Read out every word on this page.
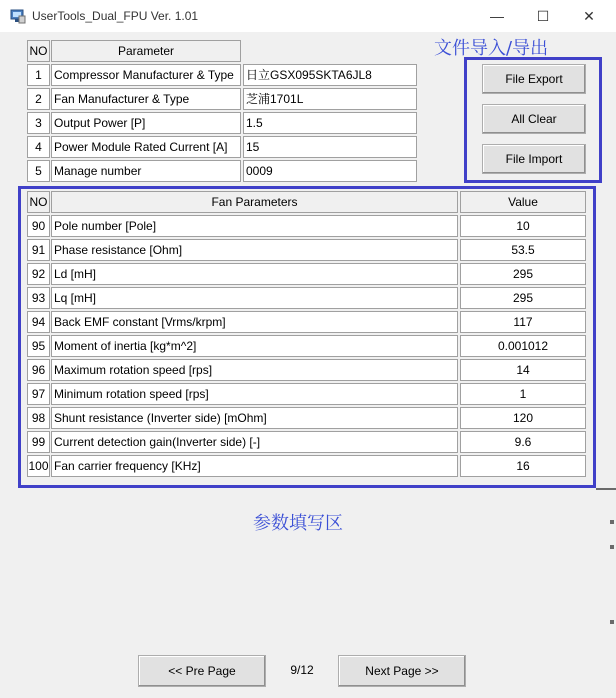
UserTools_Dual_FPU Ver. 1.01	— ☐ ✕
NO	Parameter
1	Compressor Manufacturer & Type	日立GSX095SKTA6JL8
2	Fan Manufacturer & Type	芝浦1701L
3	Output Power [P]	1.5
4	Power Module Rated Current [A]	15
5	Manage number	0009
文件导入/导出
File Export
All Clear
File Import
NO	Fan Parameters	Value
90 Pole number [Pole]	10
91 Phase resistance [Ohm]	53.5
92 Ld [mH]	295
93 Lq [mH]	295
94 Back EMF constant [Vrms/krpm]	117
95 Moment of inertia [kg*m^2]	0.001012
96 Maximum rotation speed [rps]	14
97 Minimum rotation speed [rps]	1
98 Shunt resistance (Inverter side) [mOhm]	120
99 Current detection gain(Inverter side) [-]	9.6
100 Fan carrier frequency [KHz]	16
参数填写区
<< Pre Page	9/12	Next Page >>
